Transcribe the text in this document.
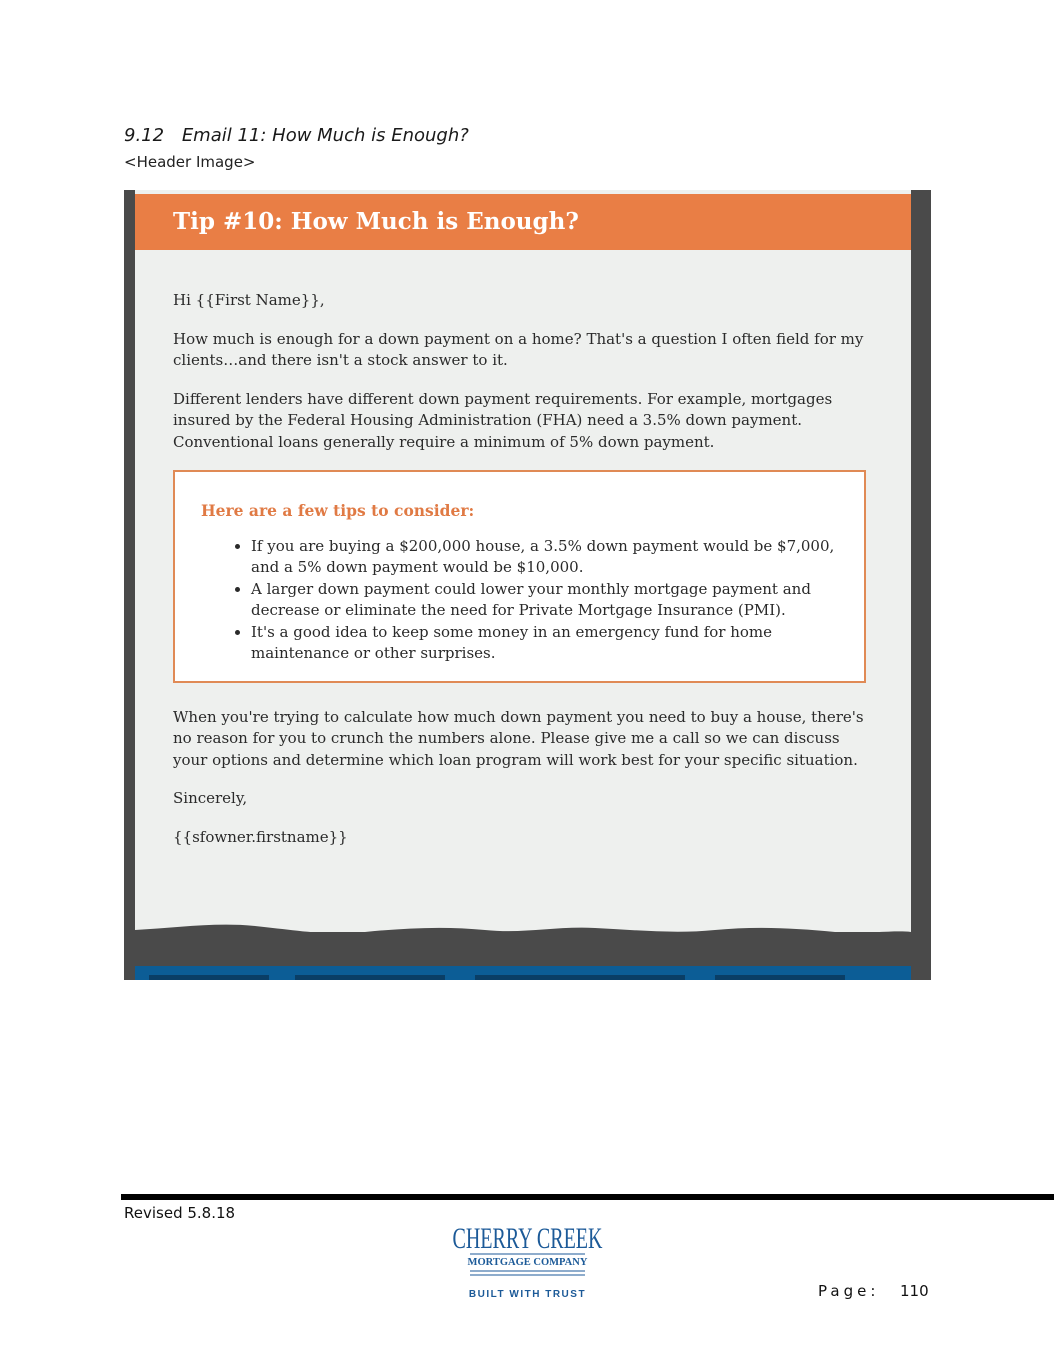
9.12 Email 11: How Much is Enough?
<Header Image>
Tip #10: How Much is Enough?

Hi {{First Name}},

How much is enough for a down payment on a home? That's a question I often field for my clients…and there isn't a stock answer to it.

Different lenders have different down payment requirements. For example, mortgages insured by the Federal Housing Administration (FHA) need a 3.5% down payment. Conventional loans generally require a minimum of 5% down payment.

Here are a few tips to consider:
• If you are buying a $200,000 house, a 3.5% down payment would be $7,000, and a 5% down payment would be $10,000.
• A larger down payment could lower your monthly mortgage payment and decrease or eliminate the need for Private Mortgage Insurance (PMI).
• It's a good idea to keep some money in an emergency fund for home maintenance or other surprises.

When you're trying to calculate how much down payment you need to buy a house, there's no reason for you to crunch the numbers alone. Please give me a call so we can discuss your options and determine which loan program will work best for your specific situation.

Sincerely,

{{sfowner.firstname}}

Revised 5.8.18
CHERRY CREEK
MORTGAGE COMPANY
BUILT WITH TRUST	Page: 110
